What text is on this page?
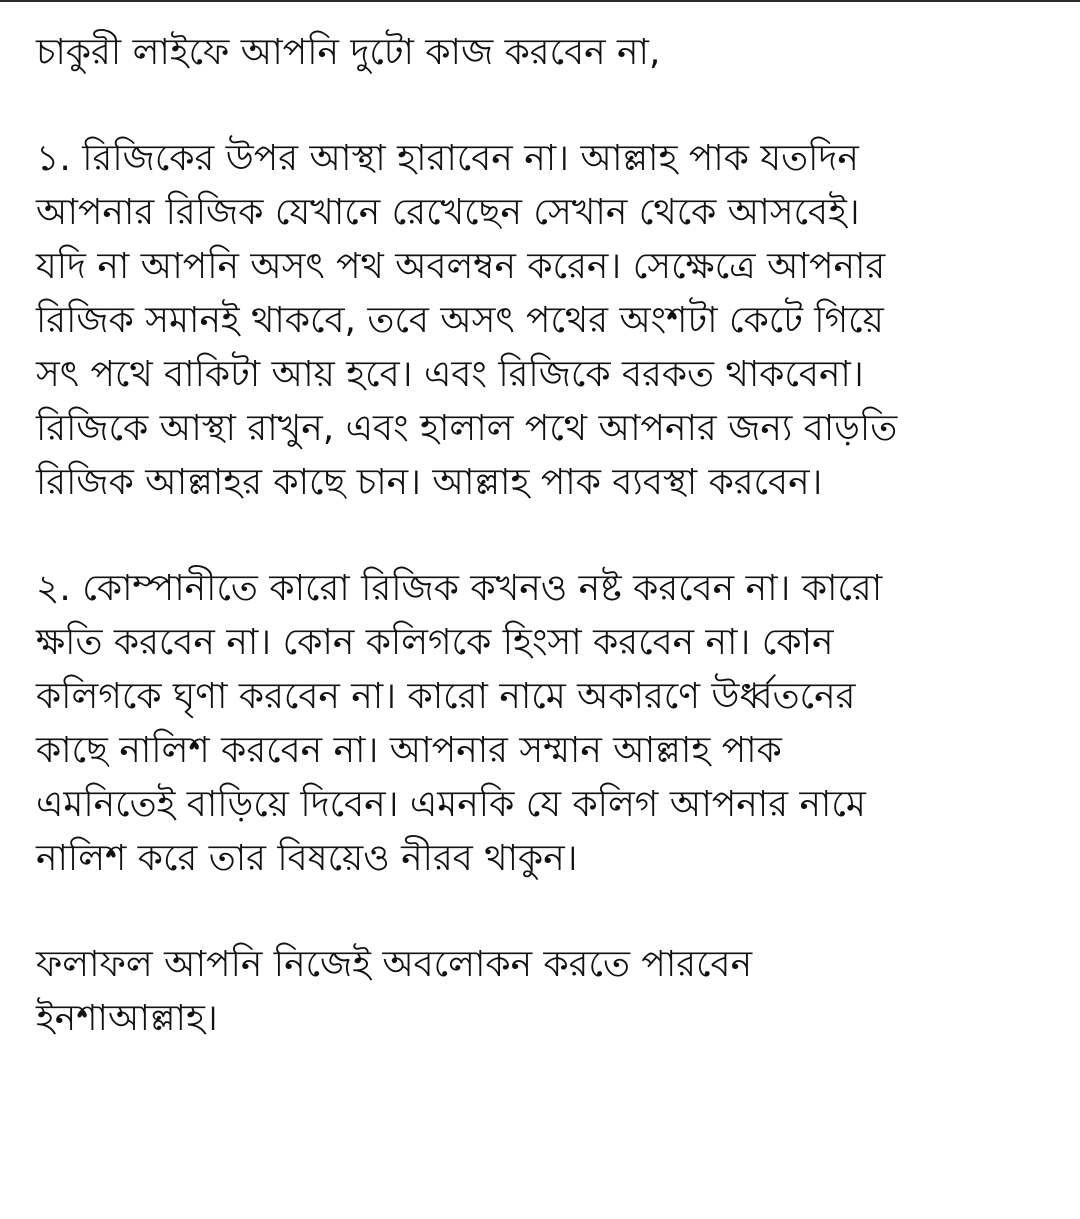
চাকুরী লাইফে আপনি দুটো কাজ করবেন না,

১. রিজিকের উপর আস্থা হারাবেন না। আল্লাহ পাক যতদিন
আপনার রিজিক যেখানে রেখেছেন সেখান থেকে আসবেই।
যদি না আপনি অসৎ পথ অবলম্বন করেন। সেক্ষেত্রে আপনার
রিজিক সমানই থাকবে, তবে অসৎ পথের অংশটা কেটে গিয়ে
সৎ পথে বাকিটা আয় হবে। এবং রিজিকে বরকত থাকবেনা।
রিজিকে আস্থা রাখুন, এবং হালাল পথে আপনার জন্য বাড়তি
রিজিক আল্লাহর কাছে চান। আল্লাহ পাক ব্যবস্থা করবেন।

২. কোম্পানীতে কারো রিজিক কখনও নষ্ট করবেন না। কারো
ক্ষতি করবেন না। কোন কলিগকে হিংসা করবেন না। কোন
কলিগকে ঘৃণা করবেন না। কারো নামে অকারণে উর্ধ্বতনের
কাছে নালিশ করবেন না। আপনার সম্মান আল্লাহ পাক
এমনিতেই বাড়িয়ে দিবেন। এমনকি যে কলিগ আপনার নামে
নালিশ করে তার বিষয়েও নীরব থাকুন।

ফলাফল আপনি নিজেই অবলোকন করতে পারবেন
ইনশাআল্লাহ।
